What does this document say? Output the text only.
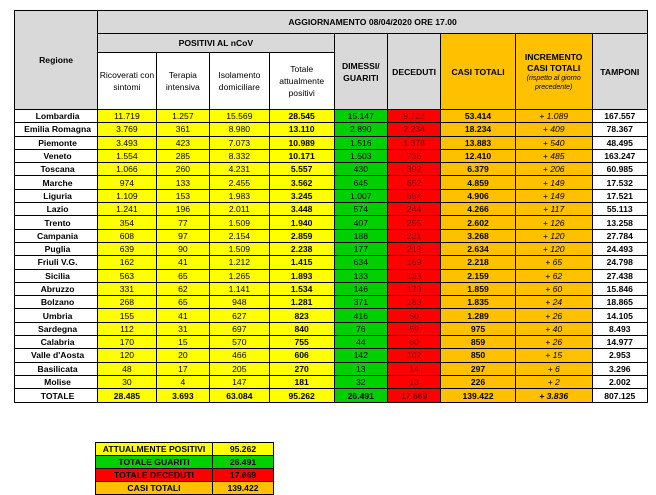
Regione	AGGIORNAMENTO 08/04/2020 ORE 17.00								
	POSITIVI AL nCoV				DIMESSI/ GUARITI	DECEDUTI	CASI TOTALI	INCREMENTO CASI TOTALI
(rispetto al giorno precedente)	TAMPONI
	Ricoverati con sintomi	Terapia intensiva	Isolamento domiciliare	Totale attualmente positivi					
Lombardia	11.719	1.257	15.569	28.545	15.147	9.722	53.414	+ 1.089	167.557
Emilia Romagna	3.769	361	8.980	13.110	2.890	2.234	18.234	+ 409	78.367
Piemonte	3.493	423	7.073	10.989	1.516	1.378	13.883	+ 540	48.495
Veneto	1.554	285	8.332	10.171	1.503	736	12.410	+ 485	163.247
Toscana	1.066	260	4.231	5.557	430	392	6.379	+ 206	60.985
Marche	974	133	2.455	3.562	645	652	4.859	+ 149	17.532
Liguria	1.109	153	1.983	3.245	1.007	654	4.906	+ 149	17.521
Lazio	1.241	196	2.011	3.448	574	244	4.266	+ 117	55.113
Trento	354	77	1.509	1.940	407	255	2.602	+ 126	13.258
Campania	608	97	2.154	2.859	188	221	3.268	+ 120	27.784
Puglia	639	90	1.509	2.238	177	219	2.634	+ 120	24.493
Friuli V.G.	162	41	1.212	1.415	634	169	2.218	+ 65	24.798
Sicilia	563	65	1.265	1.893	133	133	2.159	+ 62	27.438
Abruzzo	331	62	1.141	1.534	146	179	1.859	+ 60	15.846
Bolzano	268	65	948	1.281	371	183	1.835	+ 24	18.865
Umbria	155	41	627	823	416	50	1.289	+ 26	14.105
Sardegna	112	31	697	840	76	59	975	+ 40	8.493
Calabria	170	15	570	755	44	60	859	+ 26	14.977
Valle d'Aosta	120	20	466	606	142	102	850	+ 15	2.953
Basilicata	48	17	205	270	13	14	297	+ 6	3.296
Molise	30	4	147	181	32	13	226	+ 2	2.002
TOTALE	28.485	3.693	63.084	95.262	26.491	17.669	139.422	+ 3.836	807.125
ATTUALMENTE POSITIVI	95.262
TOTALE GUARITI	26.491
TOTALE DECEDUTI	17.669
CASI TOTALI	139.422
